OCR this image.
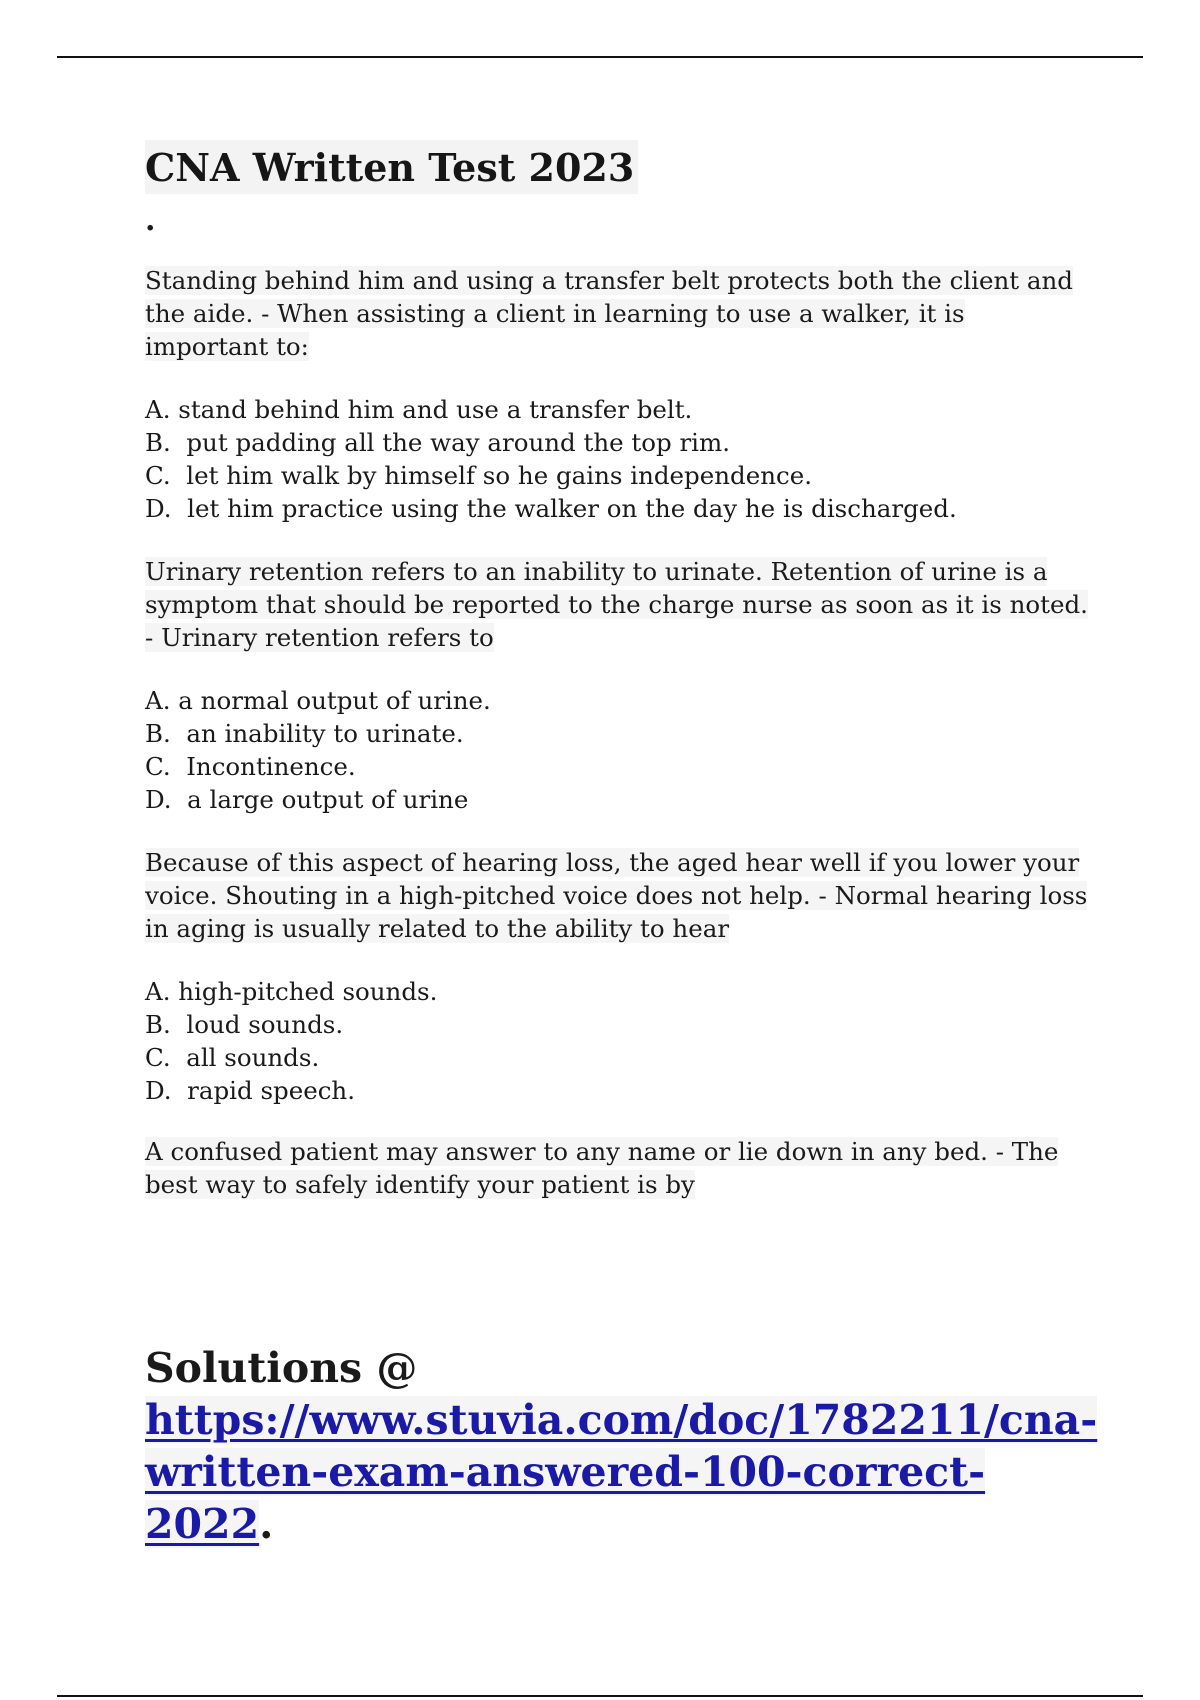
CNA Written Test 2023
.
Standing behind him and using a transfer belt protects both the client and the aide. - When assisting a client in learning to use a walker, it is important to:
A. stand behind him and use a transfer belt.
B.  put padding all the way around the top rim.
C.  let him walk by himself so he gains independence.
D.  let him practice using the walker on the day he is discharged.
Urinary retention refers to an inability to urinate. Retention of urine is a symptom that should be reported to the charge nurse as soon as it is noted. - Urinary retention refers to
A. a normal output of urine.
B.  an inability to urinate.
C.  Incontinence.
D.  a large output of urine
Because of this aspect of hearing loss, the aged hear well if you lower your voice. Shouting in a high-pitched voice does not help. - Normal hearing loss in aging is usually related to the ability to hear
A. high-pitched sounds.
B.  loud sounds.
C.  all sounds.
D.  rapid speech.
A confused patient may answer to any name or lie down in any bed. - The best way to safely identify your patient is by
Solutions @
https://www.stuvia.com/doc/1782211/cna-written-exam-answered-100-correct-2022.
